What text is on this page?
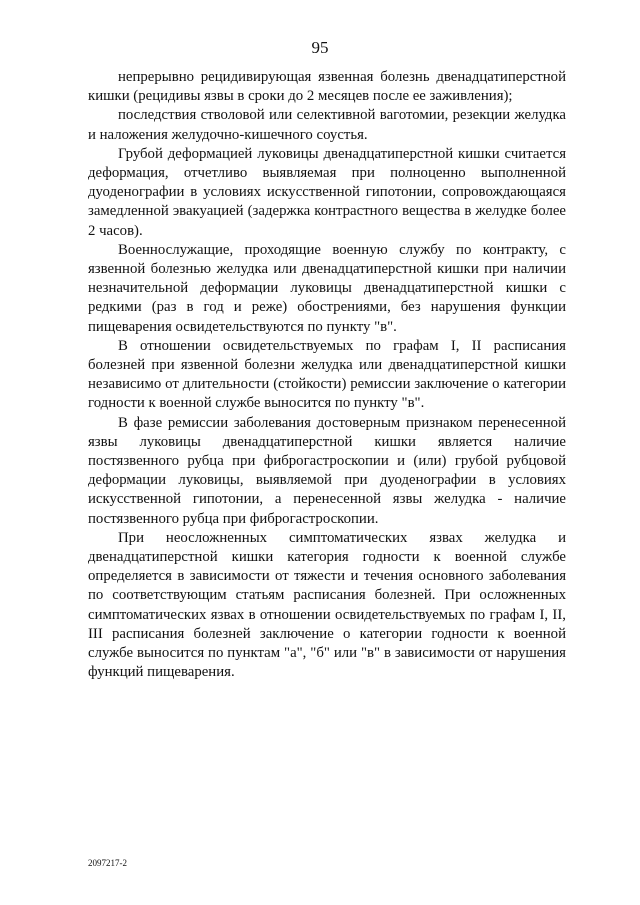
95

непрерывно рецидивирующая язвенная болезнь двенадцатиперстной кишки (рецидивы язвы в сроки до 2 месяцев после ее заживления);

последствия стволовой или селективной ваготомии, резекции желудка и наложения желудочно-кишечного соустья.

Грубой деформацией луковицы двенадцатиперстной кишки считается деформация, отчетливо выявляемая при полноценно выполненной дуоденографии в условиях искусственной гипотонии, сопровождающаяся замедленной эвакуацией (задержка контрастного вещества в желудке более 2 часов).

Военнослужащие, проходящие военную службу по контракту, с язвенной болезнью желудка или двенадцатиперстной кишки при наличии незначительной деформации луковицы двенадцатиперстной кишки с редкими (раз в год и реже) обострениями, без нарушения функции пищеварения освидетельствуются по пункту "в".

В отношении освидетельствуемых по графам I, II расписания болезней при язвенной болезни желудка или двенадцатиперстной кишки независимо от длительности (стойкости) ремиссии заключение о категории годности к военной службе выносится по пункту "в".

В фазе ремиссии заболевания достоверным признаком перенесенной язвы луковицы двенадцатиперстной кишки является наличие постязвенного рубца при фиброгастроскопии и (или) грубой рубцовой деформации луковицы, выявляемой при дуоденографии в условиях искусственной гипотонии, а перенесенной язвы желудка - наличие постязвенного рубца при фиброгастроскопии.

При неосложненных симптоматических язвах желудка и двенадцатиперстной кишки категория годности к военной службе определяется в зависимости от тяжести и течения основного заболевания по соответствующим статьям расписания болезней. При осложненных симптоматических язвах в отношении освидетельствуемых по графам I, II, III расписания болезней заключение о категории годности к военной службе выносится по пунктам "а", "б" или "в" в зависимости от нарушения функций пищеварения.

2097217-2
